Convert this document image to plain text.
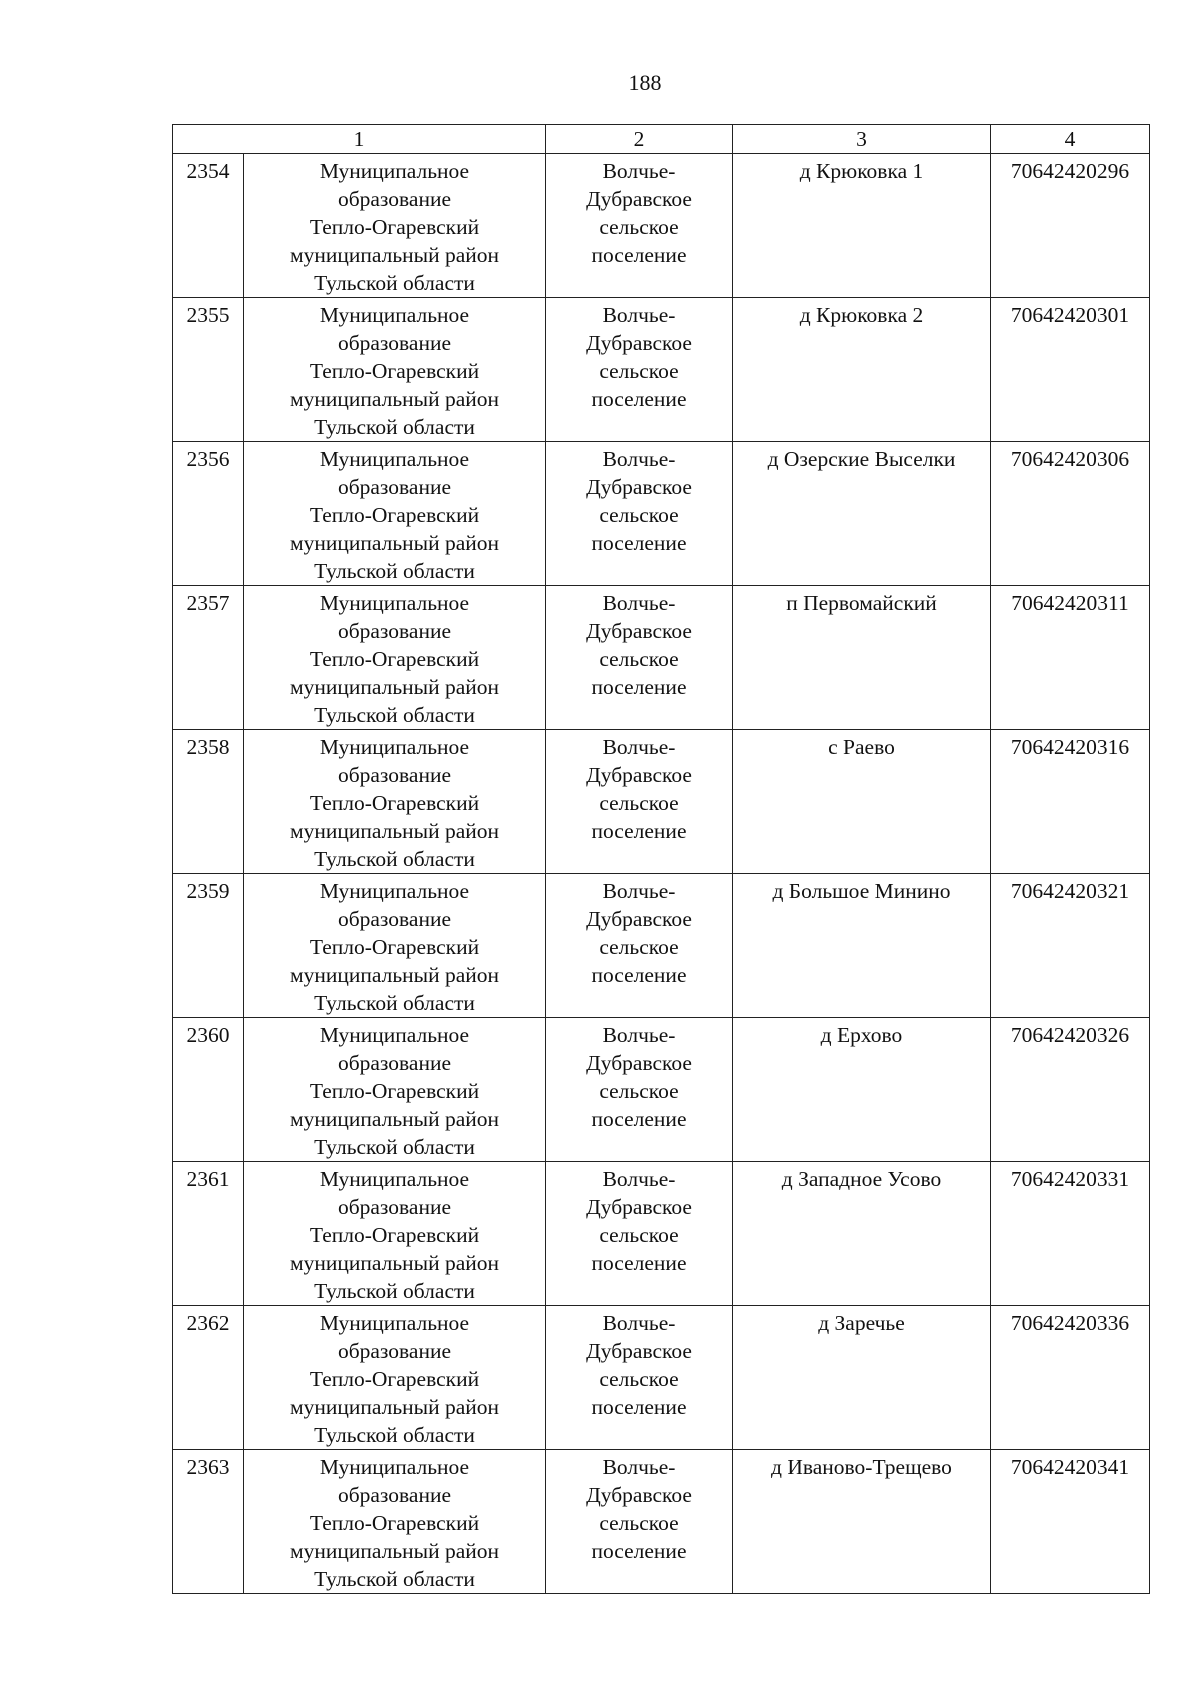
188
1		2	3	4
2354	Муниципальное
образование
Тепло-Огаревский
муниципальный район
Тульской области	Волчье-
Дубравское
сельское
поселение	д Крюковка 1	70642420296
2355	Муниципальное
образование
Тепло-Огаревский
муниципальный район
Тульской области	Волчье-
Дубравское
сельское
поселение	д Крюковка 2	70642420301
2356	Муниципальное
образование
Тепло-Огаревский
муниципальный район
Тульской области	Волчье-
Дубравское
сельское
поселение	д Озерские Выселки	70642420306
2357	Муниципальное
образование
Тепло-Огаревский
муниципальный район
Тульской области	Волчье-
Дубравское
сельское
поселение	п Первомайский	70642420311
2358	Муниципальное
образование
Тепло-Огаревский
муниципальный район
Тульской области	Волчье-
Дубравское
сельское
поселение	с Раево	70642420316
2359	Муниципальное
образование
Тепло-Огаревский
муниципальный район
Тульской области	Волчье-
Дубравское
сельское
поселение	д Большое Минино	70642420321
2360	Муниципальное
образование
Тепло-Огаревский
муниципальный район
Тульской области	Волчье-
Дубравское
сельское
поселение	д Ерхово	70642420326
2361	Муниципальное
образование
Тепло-Огаревский
муниципальный район
Тульской области	Волчье-
Дубравское
сельское
поселение	д Западное Усово	70642420331
2362	Муниципальное
образование
Тепло-Огаревский
муниципальный район
Тульской области	Волчье-
Дубравское
сельское
поселение	д Заречье	70642420336
2363	Муниципальное
образование
Тепло-Огаревский
муниципальный район
Тульской области	Волчье-
Дубравское
сельское
поселение	д Иваново-Трещево	70642420341
